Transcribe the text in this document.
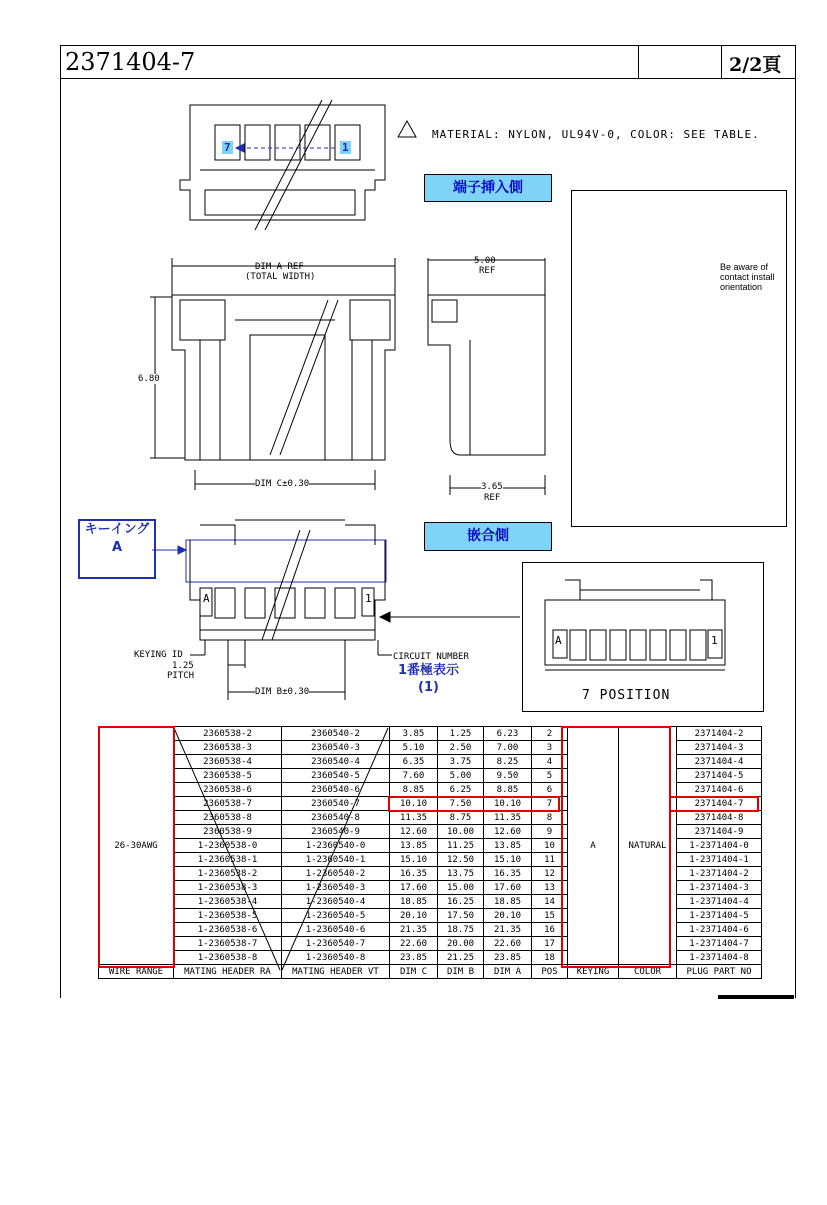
2371404-7	2/2頁
MATERIAL: NYLON, UL94V-0, COLOR: SEE TABLE.
7	1
端子挿入側
嵌合側
DIM A REF
(TOTAL WIDTH)
5.00
REF
6.80
DIM C±0.30	3.65
REF
キーイング
A
KEYING ID
1.25
PITCH
DIM B±0.30
CIRCUIT NUMBER
1番極表示
(1)
A	1
Be aware of
contact install
orientation
A	1
7 POSITION
26-30AWG	2360538-2	2360540-2	3.85	1.25	6.23	2	A	NATURAL	2371404-2
	2360538-3	2360540-3	5.10	2.50	7.00	3			2371404-3
	2360538-4	2360540-4	6.35	3.75	8.25	4			2371404-4
	2360538-5	2360540-5	7.60	5.00	9.50	5			2371404-5
	2360538-6	2360540-6	8.85	6.25	8.85	6			2371404-6
	2360538-7	2360540-7	10.10	7.50	10.10	7			2371404-7
	2360538-8	2360540-8	11.35	8.75	11.35	8			2371404-8
	2360538-9	2360540-9	12.60	10.00	12.60	9			2371404-9
	1-2360538-0	1-2360540-0	13.85	11.25	13.85	10			1-2371404-0
	1-2360538-1	1-2360540-1	15.10	12.50	15.10	11			1-2371404-1
	1-2360538-2	1-2360540-2	16.35	13.75	16.35	12			1-2371404-2
	1-2360538-3	1-2360540-3	17.60	15.00	17.60	13			1-2371404-3
	1-2360538-4	1-2360540-4	18.85	16.25	18.85	14			1-2371404-4
	1-2360538-5	1-2360540-5	20.10	17.50	20.10	15			1-2371404-5
	1-2360538-6	1-2360540-6	21.35	18.75	21.35	16			1-2371404-6
	1-2360538-7	1-2360540-7	22.60	20.00	22.60	17			1-2371404-7
	1-2360538-8	1-2360540-8	23.85	21.25	23.85	18			1-2371404-8
WIRE RANGE	MATING HEADER RA	MATING HEADER VT	DIM C	DIM B	DIM A	POS	KEYING	COLOR	PLUG PART NO
